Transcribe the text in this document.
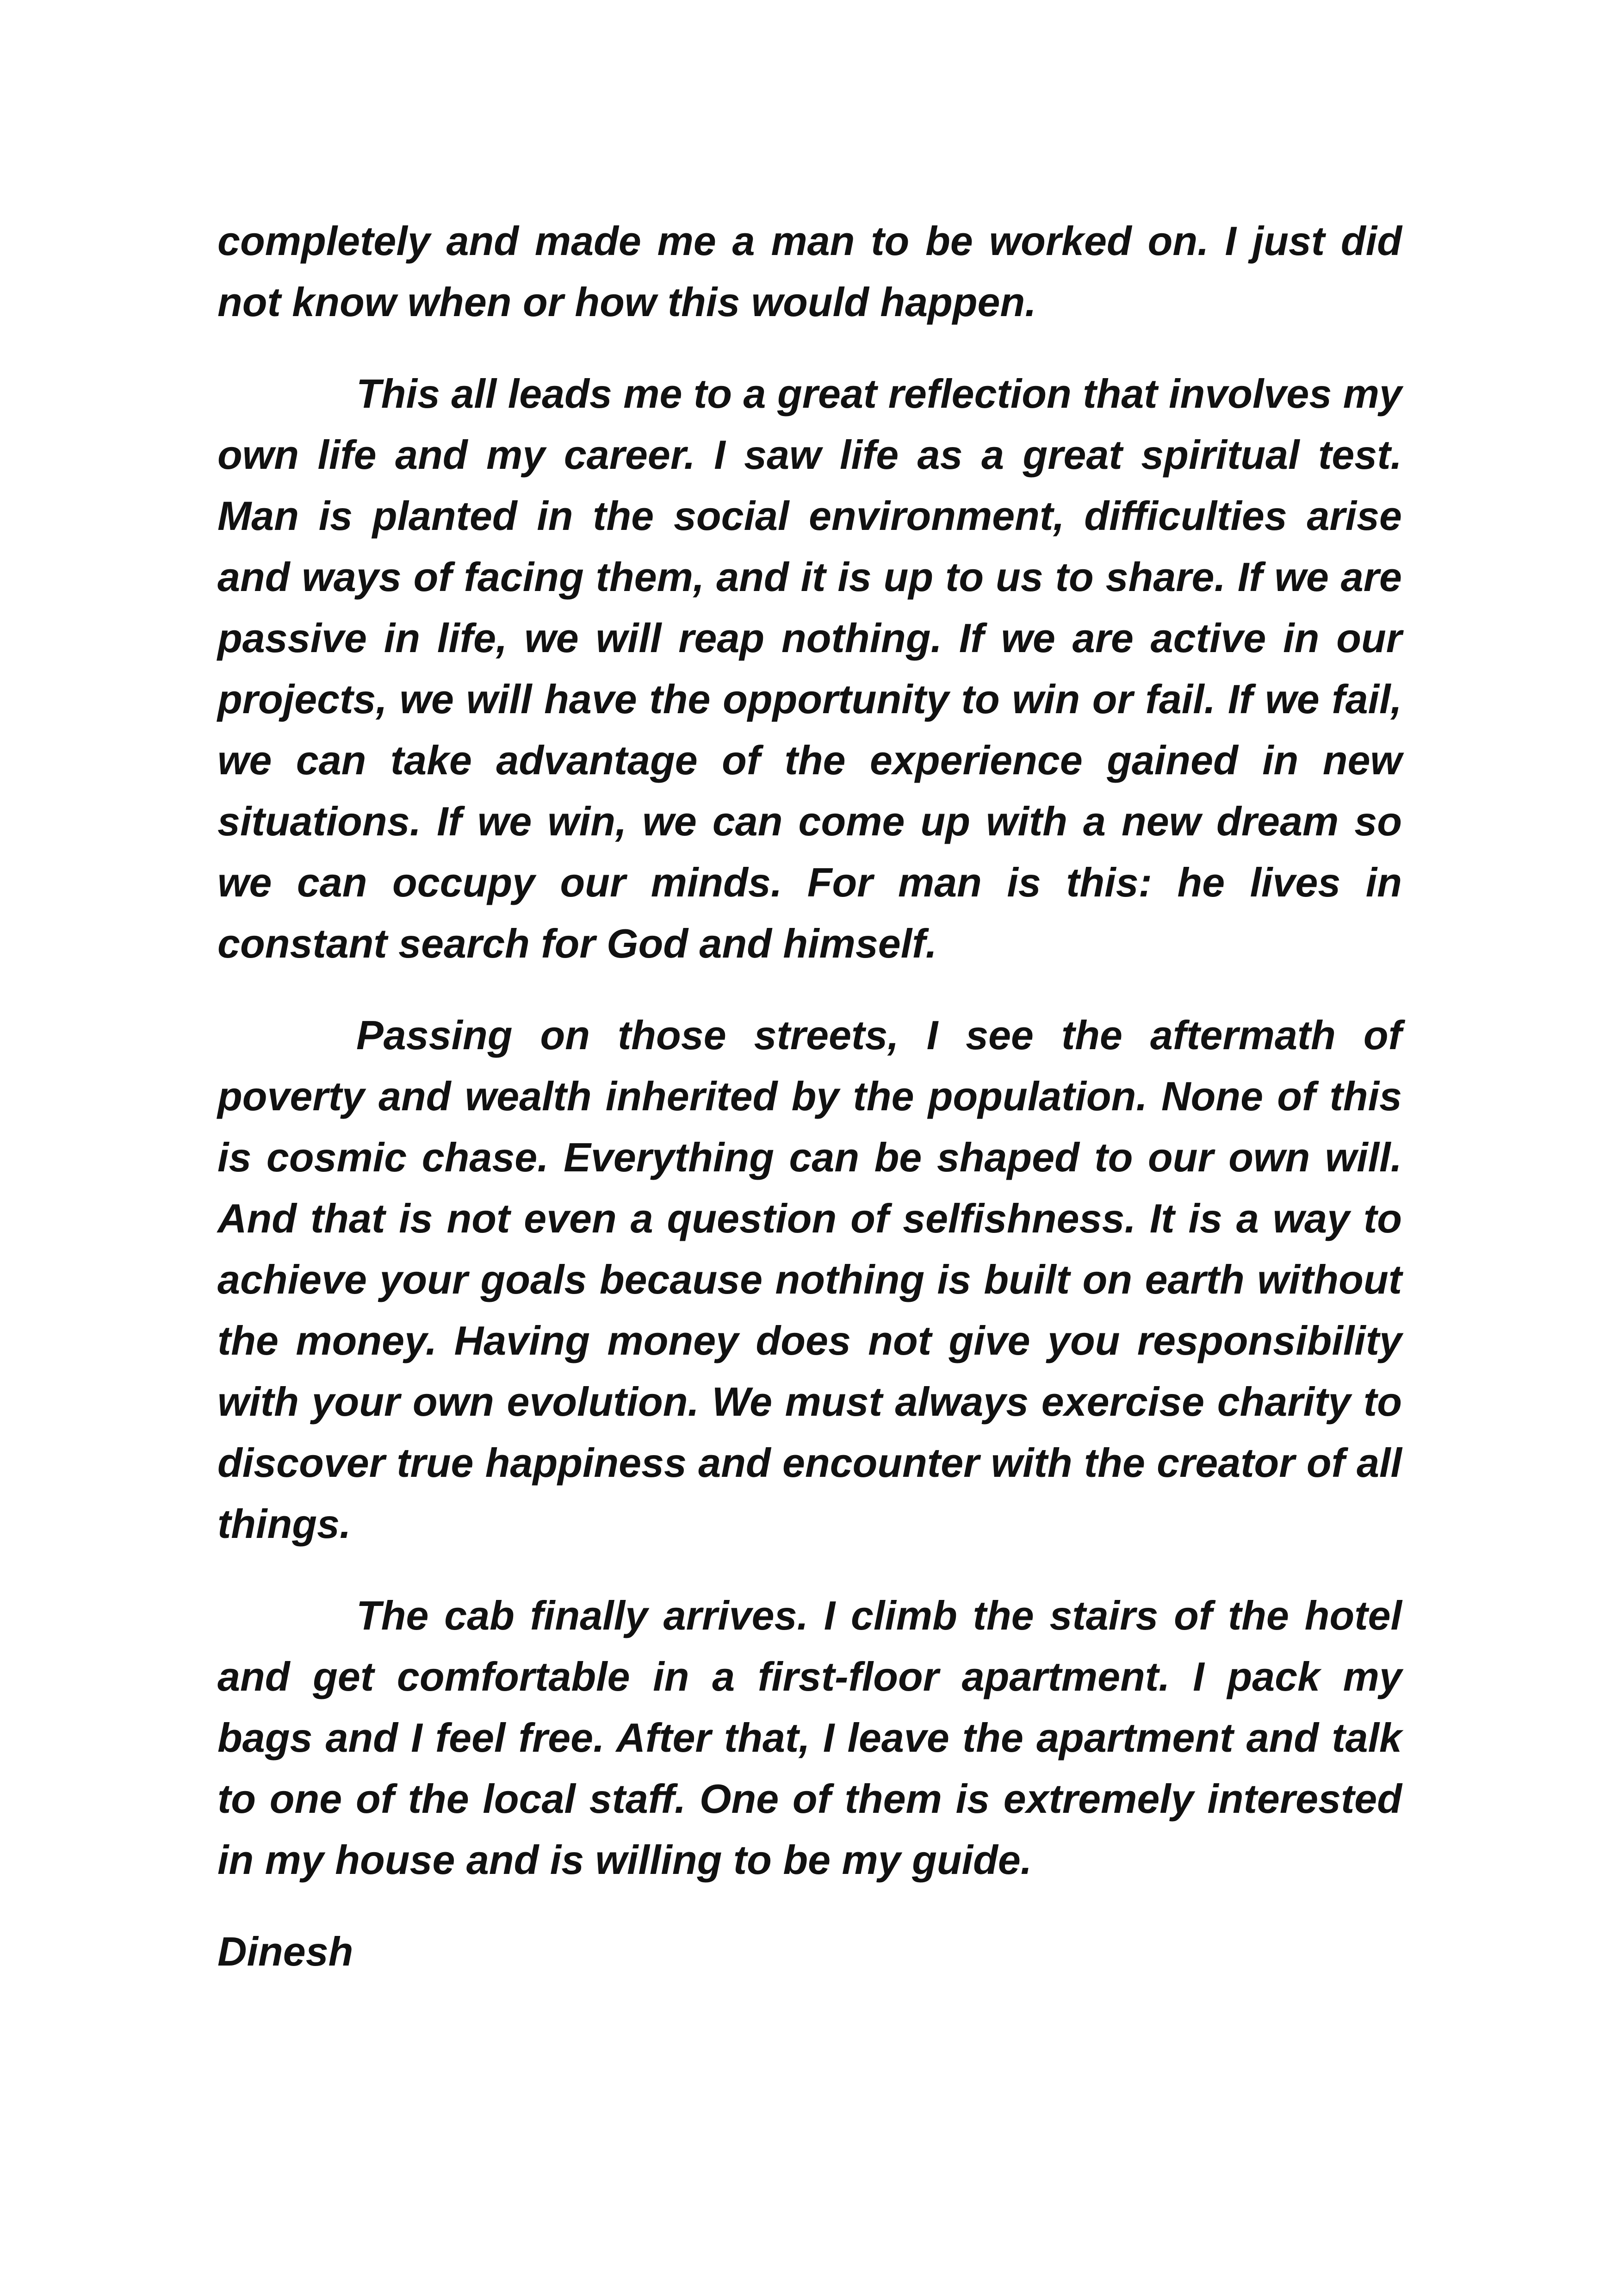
completely and made me a man to be worked on. I just did not know when or how this would happen.

This all leads me to a great reflection that involves my own life and my career. I saw life as a great spiritual test. Man is planted in the social environment, difficulties arise and ways of facing them, and it is up to us to share. If we are passive in life, we will reap nothing. If we are active in our projects, we will have the opportunity to win or fail. If we fail, we can take advantage of the experience gained in new situations. If we win, we can come up with a new dream so we can occupy our minds. For man is this: he lives in constant search for God and himself.

Passing on those streets, I see the aftermath of poverty and wealth inherited by the population. None of this is cosmic chase. Everything can be shaped to our own will. And that is not even a question of selfishness. It is a way to achieve your goals because nothing is built on earth without the money. Having money does not give you responsibility with your own evolution. We must always exercise charity to discover true happiness and encounter with the creator of all things.

The cab finally arrives. I climb the stairs of the hotel and get comfortable in a first-floor apartment. I pack my bags and I feel free. After that, I leave the apartment and talk to one of the local staff. One of them is extremely interested in my house and is willing to be my guide.

Dinesh
